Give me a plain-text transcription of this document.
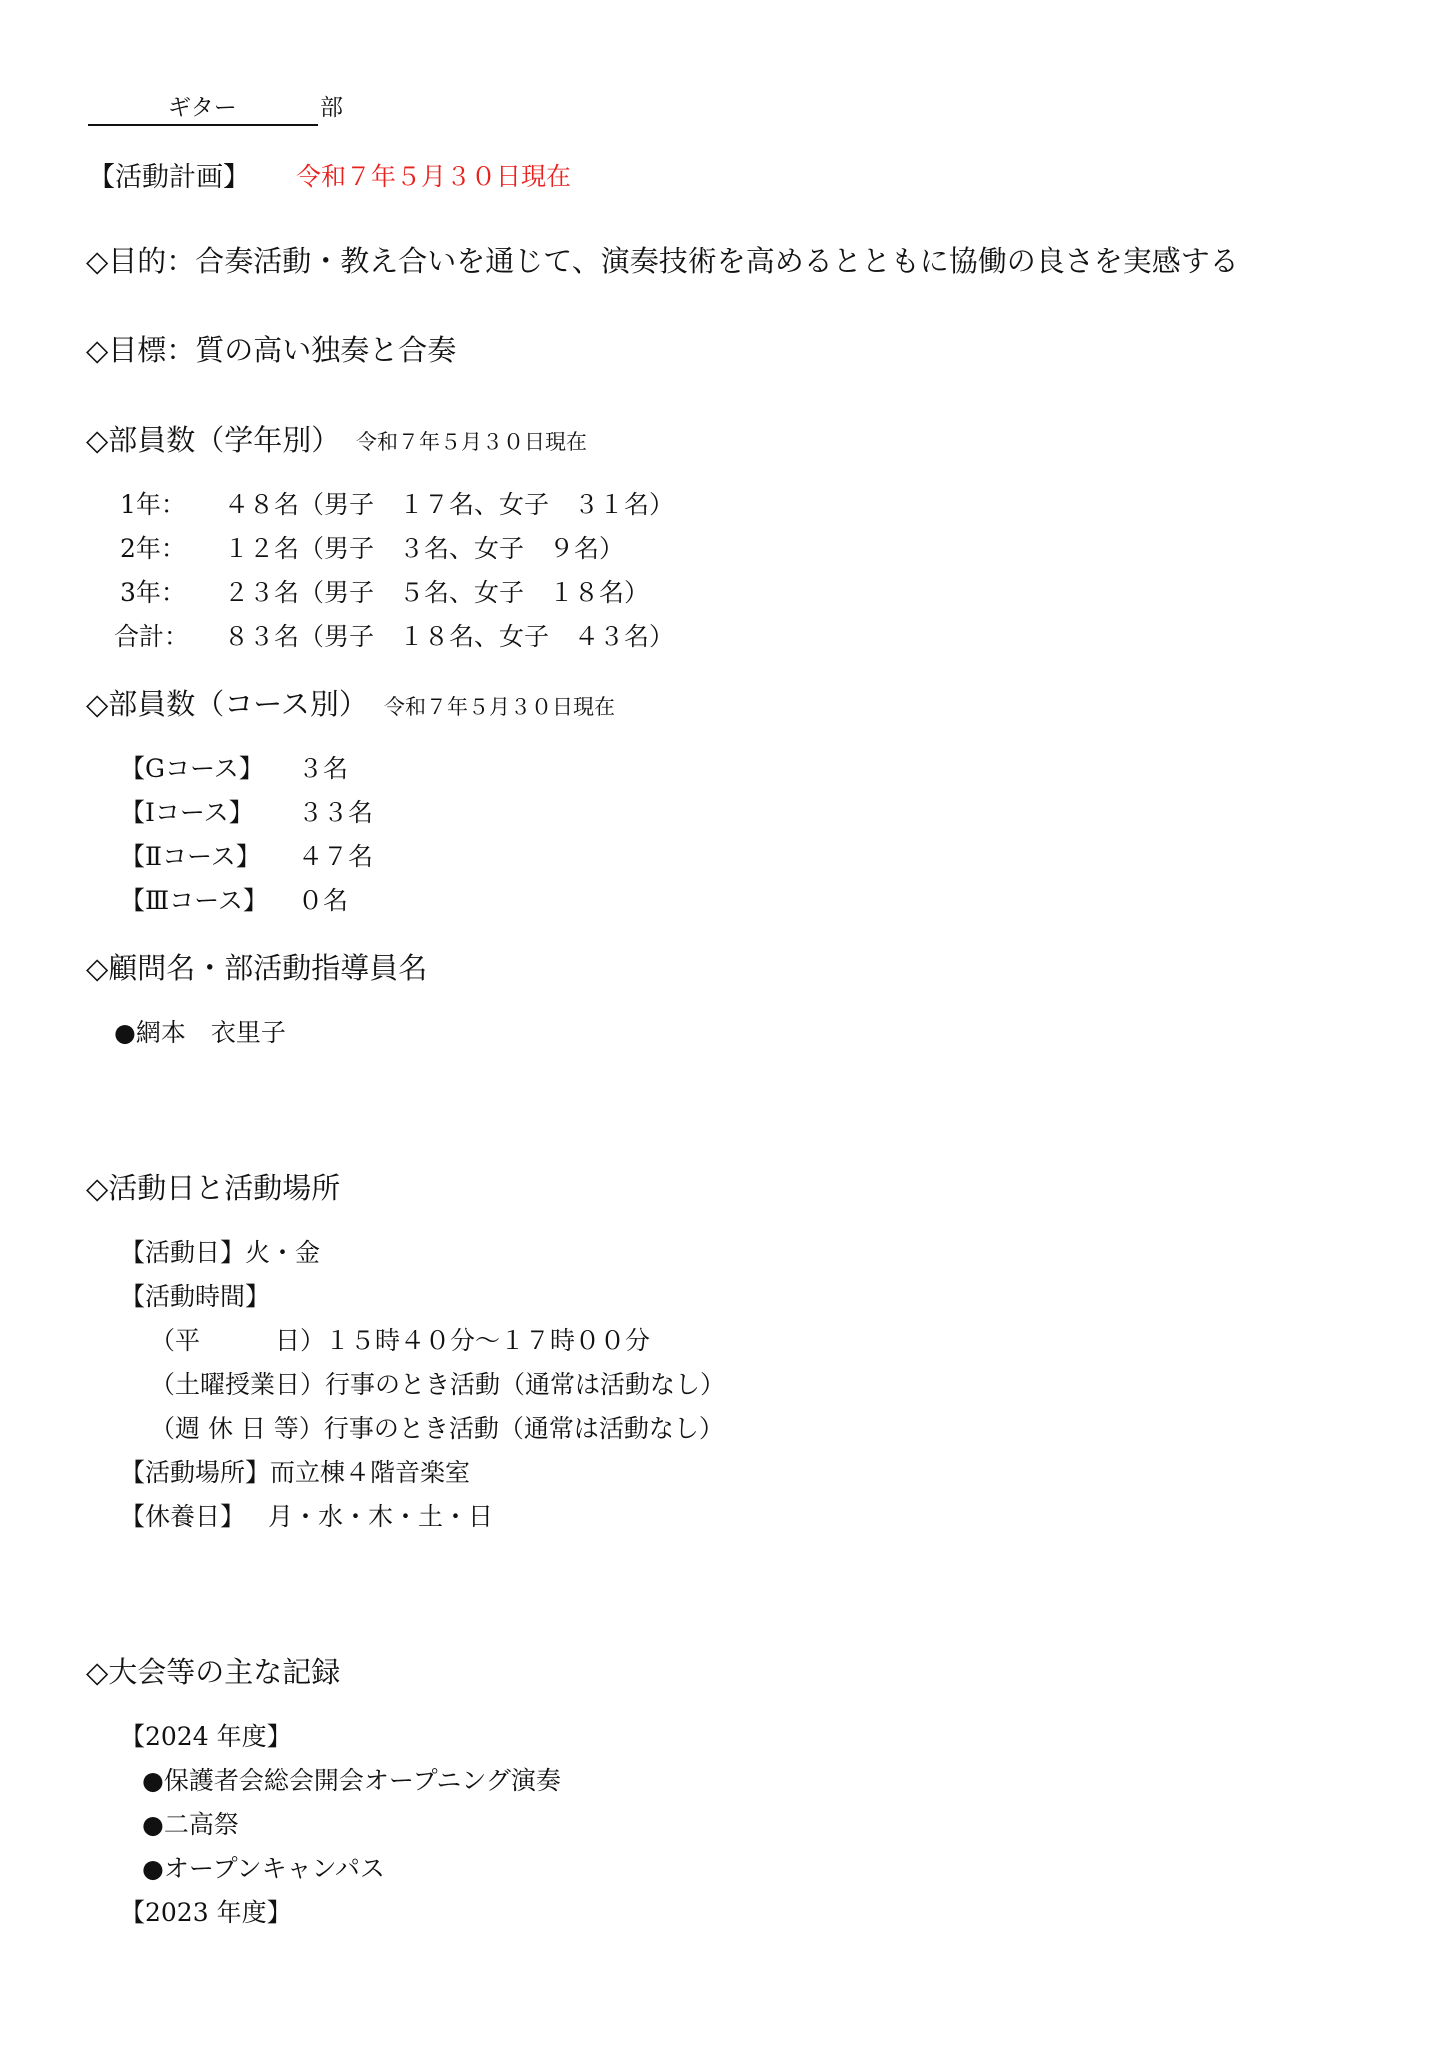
ギター	部
【活動計画】 令和７年５月３０日現在
◇目的：合奏活動・教え合いを通じて、演奏技術を高めるとともに協働の良さを実感する
◇目標：質の高い独奏と合奏
◇部員数（学年別） 令和７年５月３０日現在
1年： ４８名（男子　１７名、女子　３１名）
2年： １２名（男子　３名、女子　９名）
3年： ２３名（男子　５名、女子　１８名）
合計： ８３名（男子　１８名、女子　４３名）
◇部員数（コース別） 令和７年５月３０日現在
【Gコース】 ３名
【Ⅰコース】 ３３名
【Ⅱコース】 ４７名
【Ⅲコース】 ０名
◇顧問名・部活動指導員名
●網本　衣里子
◇活動日と活動場所
【活動日】火・金
【活動時間】
（平　　　日）１５時４０分～１７時００分
（土曜授業日）行事のとき活動（通常は活動なし）
（週 休 日 等）行事のとき活動（通常は活動なし）
【活動場所】而立棟４階音楽室
【休養日】 月・水・木・土・日
◇大会等の主な記録
【2024 年度】
●保護者会総会開会オープニング演奏
●二高祭
●オープンキャンパス
【2023 年度】
